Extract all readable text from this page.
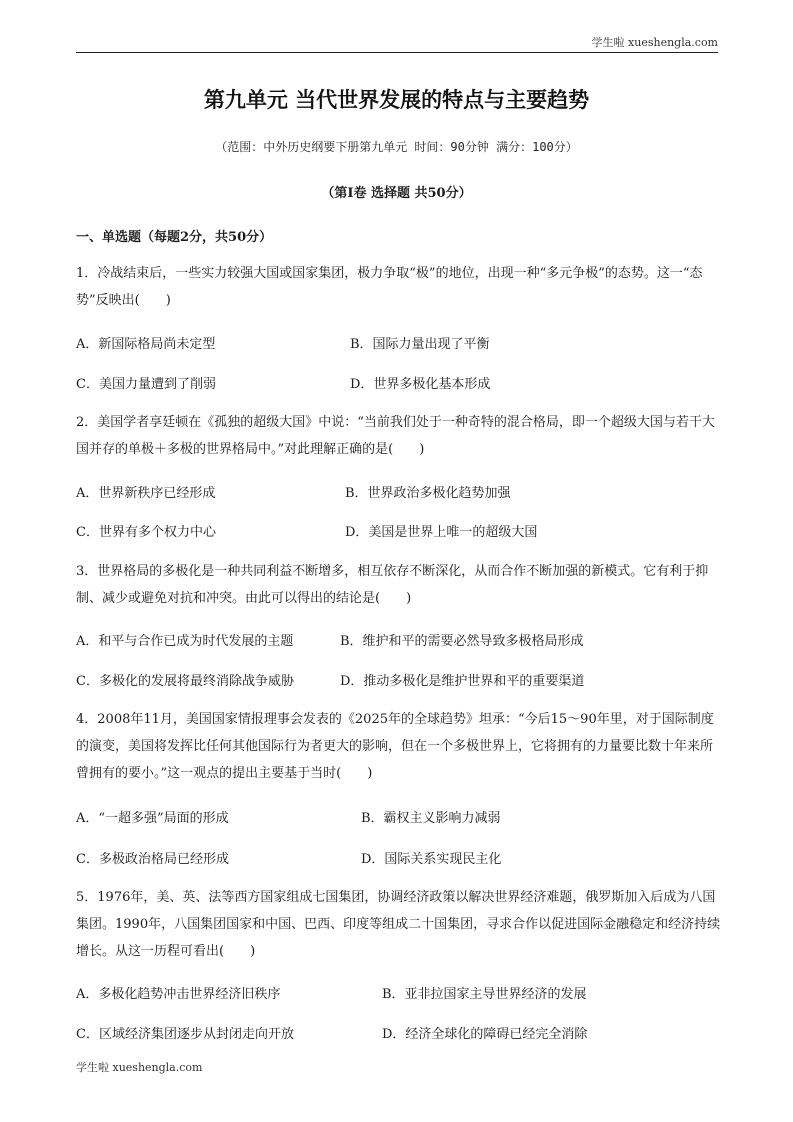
学生啦 xueshengla.com
第九单元 当代世界发展的特点与主要趋势
（范围：中外历史纲要下册第九单元 时间：90分钟 满分：100分）
（第Ⅰ卷 选择题 共50分）
一、单选题（每题2分，共50分）
1．冷战结束后，一些实力较强大国或国家集团，极力争取“极”的地位，出现一种“多元争极”的态势。这一“态势”反映出(　　)
A．新国际格局尚未定型	B．国际力量出现了平衡
C．美国力量遭到了削弱	D．世界多极化基本形成
2．美国学者享廷顿在《孤独的超级大国》中说：“当前我们处于一种奇特的混合格局，即一个超级大国与若干大国并存的单极＋多极的世界格局中。”对此理解正确的是(　　)
A．世界新秩序已经形成	B．世界政治多极化趋势加强
C．世界有多个权力中心	D．美国是世界上唯一的超级大国
3．世界格局的多极化是一种共同利益不断增多，相互依存不断深化，从而合作不断加强的新模式。它有利于抑制、减少或避免对抗和冲突。由此可以得出的结论是(　　)
A．和平与合作已成为时代发展的主题	B．维护和平的需要必然导致多极格局形成
C．多极化的发展将最终消除战争威胁	D．推动多极化是维护世界和平的重要渠道
4．2008年11月，美国国家情报理事会发表的《2025年的全球趋势》坦承：“今后15～90年里，对于国际制度的演变，美国将发挥比任何其他国际行为者更大的影响，但在一个多极世界上，它将拥有的力量要比数十年来所曾拥有的要小。”这一观点的提出主要基于当时(　　)
A．“一超多强”局面的形成	B．霸权主义影响力减弱
C．多极政治格局已经形成	D．国际关系实现民主化
5．1976年，美、英、法等西方国家组成七国集团，协调经济政策以解决世界经济难题，俄罗斯加入后成为八国集团。1990年，八国集团国家和中国、巴西、印度等组成二十国集团，寻求合作以促进国际金融稳定和经济持续增长。从这一历程可看出(　　)
A．多极化趋势冲击世界经济旧秩序	B．亚非拉国家主导世界经济的发展
C．区域经济集团逐步从封闭走向开放	D．经济全球化的障碍已经完全消除
学生啦 xueshengla.com
